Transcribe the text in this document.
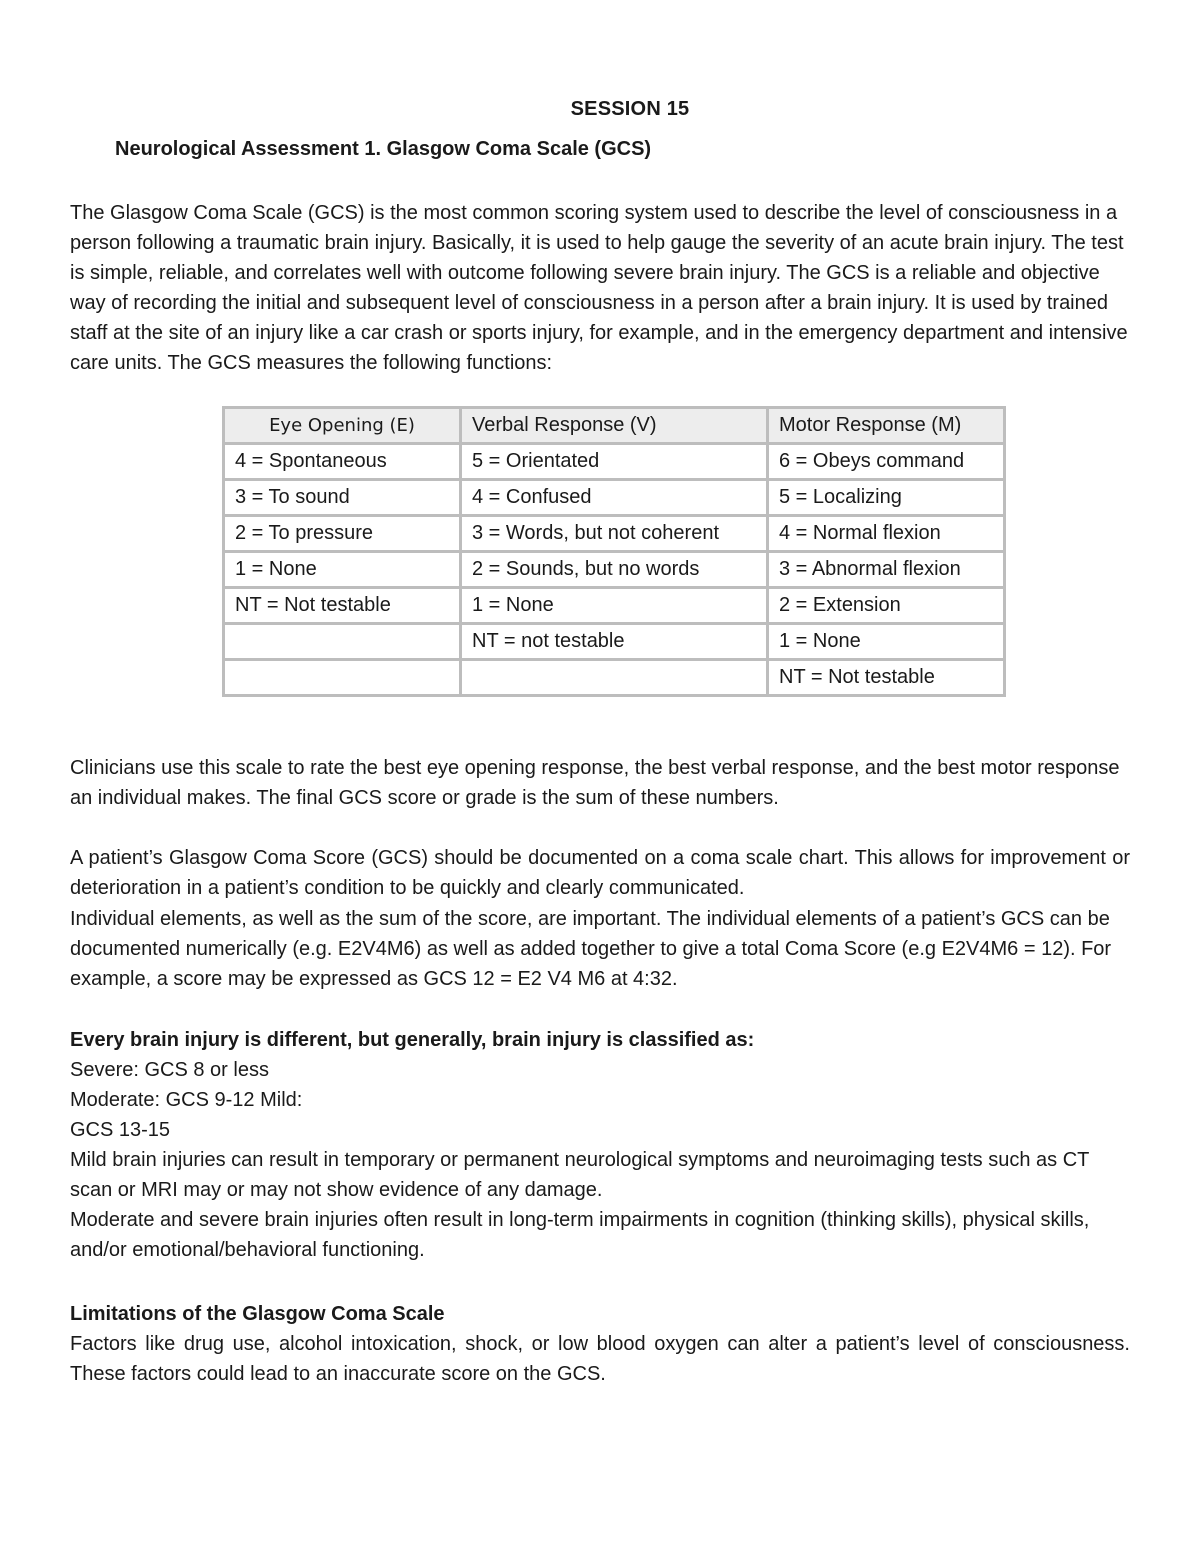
SESSION 15
Neurological Assessment 1. Glasgow Coma Scale (GCS)

The Glasgow Coma Scale (GCS) is the most common scoring system used to describe the level of consciousness in a person following a traumatic brain injury. Basically, it is used to help gauge the severity of an acute brain injury. The test is simple, reliable, and correlates well with outcome following severe brain injury. The GCS is a reliable and objective way of recording the initial and subsequent level of consciousness in a person after a brain injury. It is used by trained staff at the site of an injury like a car crash or sports injury, for example, and in the emergency department and intensive care units. The GCS measures the following functions:

Eye Opening (E)	Verbal Response (V)	Motor Response (M)
4 = Spontaneous	5 = Orientated	6 = Obeys command
3 = To sound	4 = Confused	5 = Localizing
2 = To pressure	3 = Words, but not coherent	4 = Normal flexion
1 = None	2 = Sounds, but no words	3 = Abnormal flexion
NT = Not testable	1 = None	2 = Extension
	NT = not testable	1 = None
		NT = Not testable

Clinicians use this scale to rate the best eye opening response, the best verbal response, and the best motor response an individual makes. The final GCS score or grade is the sum of these numbers.

A patient’s Glasgow Coma Score (GCS) should be documented on a coma scale chart. This allows for improvement or deterioration in a patient’s condition to be quickly and clearly communicated.

Individual elements, as well as the sum of the score, are important. The individual elements of a patient’s GCS can be documented numerically (e.g. E2V4M6) as well as added together to give a total Coma Score (e.g E2V4M6 = 12). For example, a score may be expressed as GCS 12 = E2 V4 M6 at 4:32.

Every brain injury is different, but generally, brain injury is classified as:
Severe: GCS 8 or less
Moderate: GCS 9-12 Mild:
GCS 13-15
Mild brain injuries can result in temporary or permanent neurological symptoms and neuroimaging tests such as CT scan or MRI may or may not show evidence of any damage.
Moderate and severe brain injuries often result in long-term impairments in cognition (thinking skills), physical skills, and/or emotional/behavioral functioning.
Limitations of the Glasgow Coma Scale
Factors like drug use, alcohol intoxication, shock, or low blood oxygen can alter a patient’s level of consciousness. These factors could lead to an inaccurate score on the GCS.
